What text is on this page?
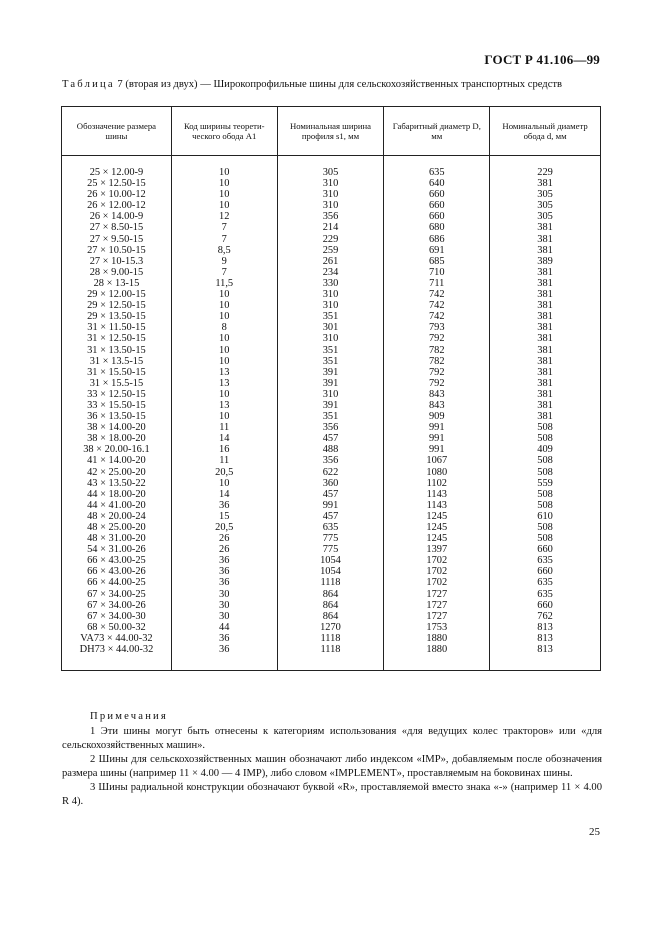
ГОСТ Р 41.106—99
Таблица 7 (вторая из двух) — Широкопрофильные шины для сельскохозяйственных транспортных средств
Обозначение размера шины	Код ширины теорети-ческого обода A1	Номинальная ширина профиля s1, мм	Габаритный диаметр D, мм	Номинальный диаметр обода d, мм

25 × 12.00-9	10	305	635	229
25 × 12.50-15	10	310	640	381
26 × 10.00-12	10	310	660	305
26 × 12.00-12	10	310	660	305
26 × 14.00-9	12	356	660	305
27 × 8.50-15	7	214	680	381
27 × 9.50-15	7	229	686	381
27 × 10.50-15	8,5	259	691	381
27 × 10-15.3	9	261	685	389
28 × 9.00-15	7	234	710	381
28 × 13-15	11,5	330	711	381
29 × 12.00-15	10	310	742	381
29 × 12.50-15	10	310	742	381
29 × 13.50-15	10	351	742	381
31 × 11.50-15	8	301	793	381
31 × 12.50-15	10	310	792	381
31 × 13.50-15	10	351	782	381
31 × 13.5-15	10	351	782	381
31 × 15.50-15	13	391	792	381
31 × 15.5-15	13	391	792	381
33 × 12.50-15	10	310	843	381
33 × 15.50-15	13	391	843	381
36 × 13.50-15	10	351	909	381
38 × 14.00-20	11	356	991	508
38 × 18.00-20	14	457	991	508
38 × 20.00-16.1	16	488	991	409
41 × 14.00-20	11	356	1067	508
42 × 25.00-20	20,5	622	1080	508
43 × 13.50-22	10	360	1102	559
44 × 18.00-20	14	457	1143	508
44 × 41.00-20	36	991	1143	508
48 × 20.00-24	15	457	1245	610
48 × 25.00-20	20,5	635	1245	508
48 × 31.00-20	26	775	1245	508
54 × 31.00-26	26	775	1397	660
66 × 43.00-25	36	1054	1702	635
66 × 43.00-26	36	1054	1702	660
66 × 44.00-25	36	1118	1702	635
67 × 34.00-25	30	864	1727	635
67 × 34.00-26	30	864	1727	660
67 × 34.00-30	30	864	1727	762
68 × 50.00-32	44	1270	1753	813
VA73 × 44.00-32	36	1118	1880	813
DH73 × 44.00-32	36	1118	1880	813

Примечания

1 Эти шины могут быть отнесены к категориям использования «для ведущих колес тракторов» или «для сельскохозяйственных машин».

2 Шины для сельскохозяйственных машин обозначают либо индексом «IMP», добавляемым после обозначения размера шины (например 11 × 4.00 — 4 IMP), либо словом «IMPLEMENT», проставляемым на боковинах шины.

3 Шины радиальной конструкции обозначают буквой «R», проставляемой вместо знака «-» (например 11 × 4.00 R 4).

25
